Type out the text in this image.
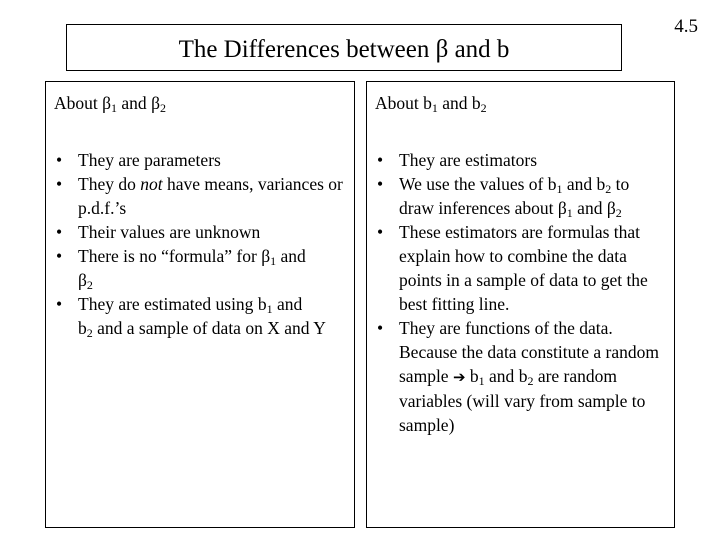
4.5
The Differences between β and b
About $\beta_1$ and $\beta_2$
• They are parameters
• They do not have means, variances or p.d.f.’s
• Their values are unknown
• There is no “formula” for $\beta_1$ and
$\beta_2$
• They are estimated using $b_1$ and
$b_2$ and a sample of data on X and Y
About $b_1$ and $b_2$
• They are estimators
• We use the values of $b_1$ and $b_2$ to draw inferences about $\beta_1$ and $\beta_2$
• These estimators are formulas that explain how to combine the data points in a sample of data to get the best fitting line.
• They are functions of the data. Because the data constitute a random sample ➔ $b_1$ and $b_2$ are random variables (will vary from sample to sample)
